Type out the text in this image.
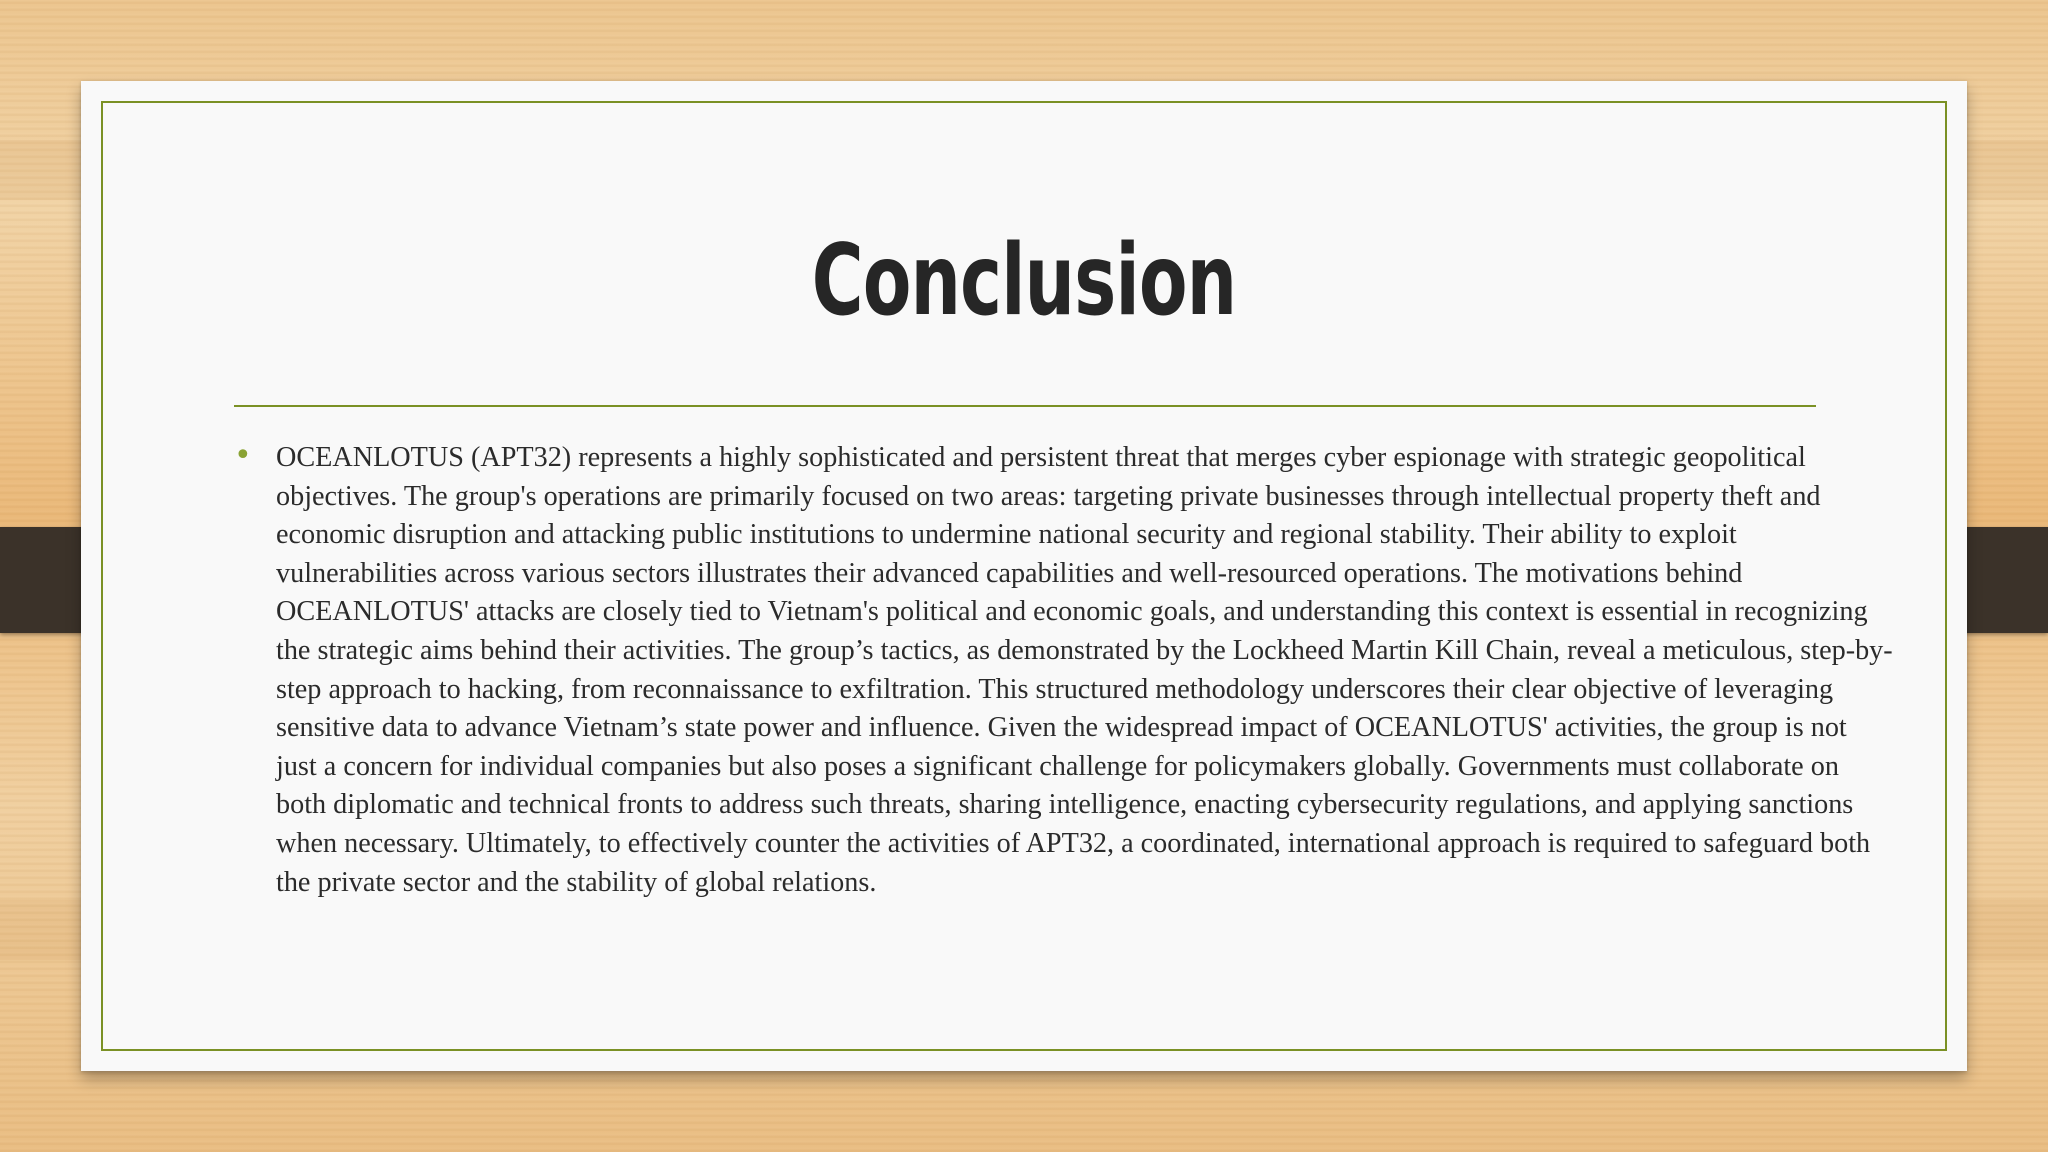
Conclusion
• OCEANLOTUS (APT32) represents a highly sophisticated and persistent threat that merges cyber espionage with strategic geopolitical objectives. The group's operations are primarily focused on two areas: targeting private businesses through intellectual property theft and economic disruption and attacking public institutions to undermine national security and regional stability. Their ability to exploit vulnerabilities across various sectors illustrates their advanced capabilities and well-resourced operations. The motivations behind OCEANLOTUS' attacks are closely tied to Vietnam's political and economic goals, and understanding this context is essential in recognizing the strategic aims behind their activities. The group’s tactics, as demonstrated by the Lockheed Martin Kill Chain, reveal a meticulous, step-by-step approach to hacking, from reconnaissance to exfiltration. This structured methodology underscores their clear objective of leveraging sensitive data to advance Vietnam’s state power and influence. Given the widespread impact of OCEANLOTUS' activities, the group is not just a concern for individual companies but also poses a significant challenge for policymakers globally. Governments must collaborate on both diplomatic and technical fronts to address such threats, sharing intelligence, enacting cybersecurity regulations, and applying sanctions when necessary. Ultimately, to effectively counter the activities of APT32, a coordinated, international approach is required to safeguard both the private sector and the stability of global relations.
